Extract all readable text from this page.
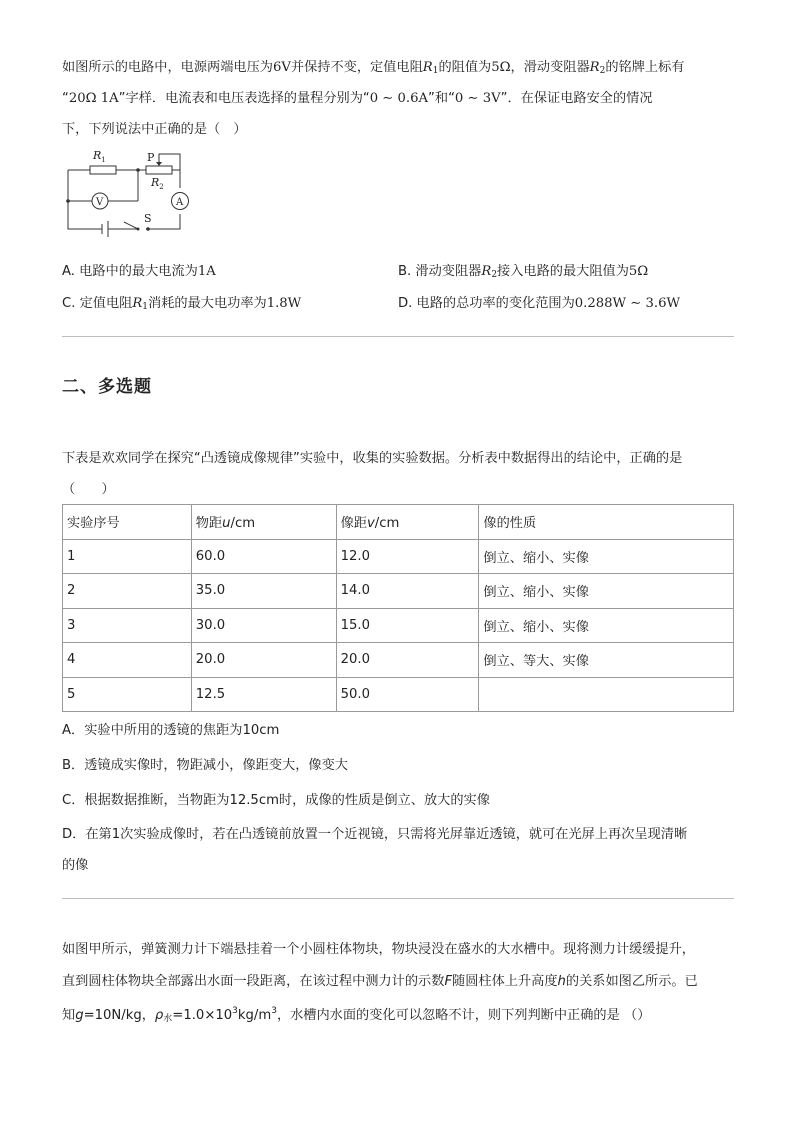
如图所示的电路中，电源两端电压为6V并保持不变，定值电阻$R_1$的阻值为5Ω，滑动变阻器$R_2$的铭牌上标有
“20Ω 1A”字样．电流表和电压表选择的量程分别为“0 ∼ 0.6A”和“0 ∼ 3V”．在保证电路安全的情况
下，下列说法中正确的是（　）
$R_1$	P
$R_2$
V	A
S
A. 电路中的最大电流为1A	B. 滑动变阻器$R_2$接入电路的最大阻值为5Ω
C. 定值电阻$R_1$消耗的最大电功率为1.8W	D. 电路的总功率的变化范围为0.288W ∼ 3.6W
二、多选题
下表是欢欢同学在探究“凸透镜成像规律”实验中，收集的实验数据。分析表中数据得出的结论中，正确的是
（　　）
实验序号	物距u/cm	像距v/cm	像的性质
1	60.0	12.0	倒立、缩小、实像
2	35.0	14.0	倒立、缩小、实像
3	30.0	15.0	倒立、缩小、实像
4	20.0	20.0	倒立、等大、实像
5	12.5	50.0	
A．实验中所用的透镜的焦距为10cm
B．透镜成实像时，物距减小，像距变大，像变大
C．根据数据推断，当物距为12.5cm时，成像的性质是倒立、放大的实像
D．在第1次实验成像时，若在凸透镜前放置一个近视镜，只需将光屏靠近透镜，就可在光屏上再次呈现清晰
的像
如图甲所示，弹簧测力计下端悬挂着一个小圆柱体物块，物块浸没在盛水的大水槽中。现将测力计缓缓提升，
直到圆柱体物块全部露出水面一段距离，在该过程中测力计的示数F随圆柱体上升高度h的关系如图乙所示。已
知g=10N/kg，$\rho_水=1.0\times 10^3kg/m^3$，水槽内水面的变化可以忽略不计，则下列判断中正确的是 （）
